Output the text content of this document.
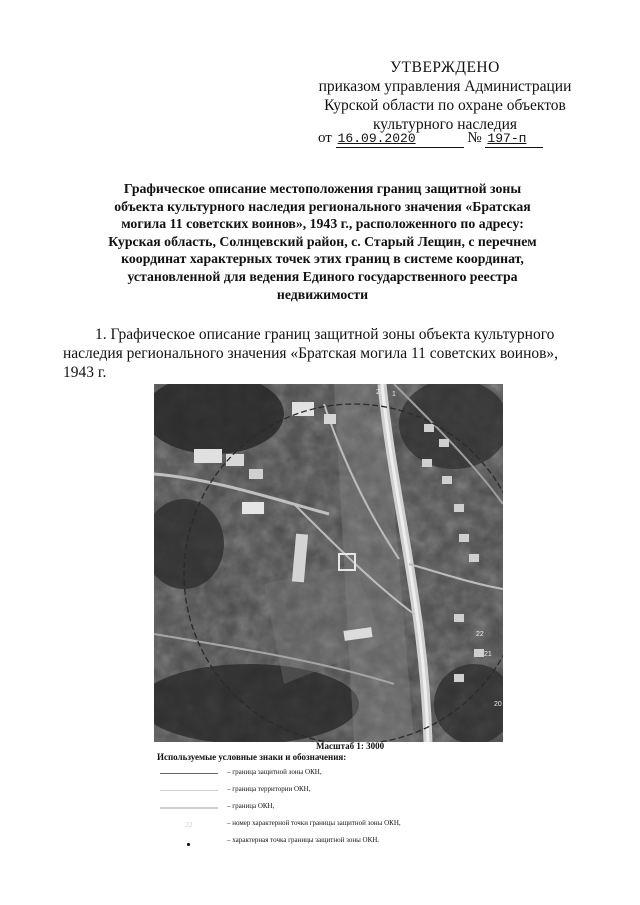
УТВЕРЖДЕНО
приказом управления Администрации
Курской области по охране объектов
культурного наследия
от 16.09.2020	№ 197-п
Графическое описание местоположения границ защитной зоны объекта культурного наследия регионального значения «Братская могила 11 советских воинов», 1943 г., расположенного по адресу: Курская область, Солнцевский район, с. Старый Лещин, с перечнем координат характерных точек этих границ в системе координат, установленной для ведения Единого государственного реестра недвижимости
1. Графическое описание границ защитной зоны объекта культурного наследия регионального значения «Братская могила 11 советских воинов», 1943 г.
1
23
22
21
20
Масштаб 1: 3000
Используемые условные знаки и обозначения:
– граница защитной зоны ОКН,
– граница территории ОКН,
– граница ОКН,
22	– номер характерной точки границы защитной зоны ОКН,
– характерная точка границы защитной зоны ОКН.
